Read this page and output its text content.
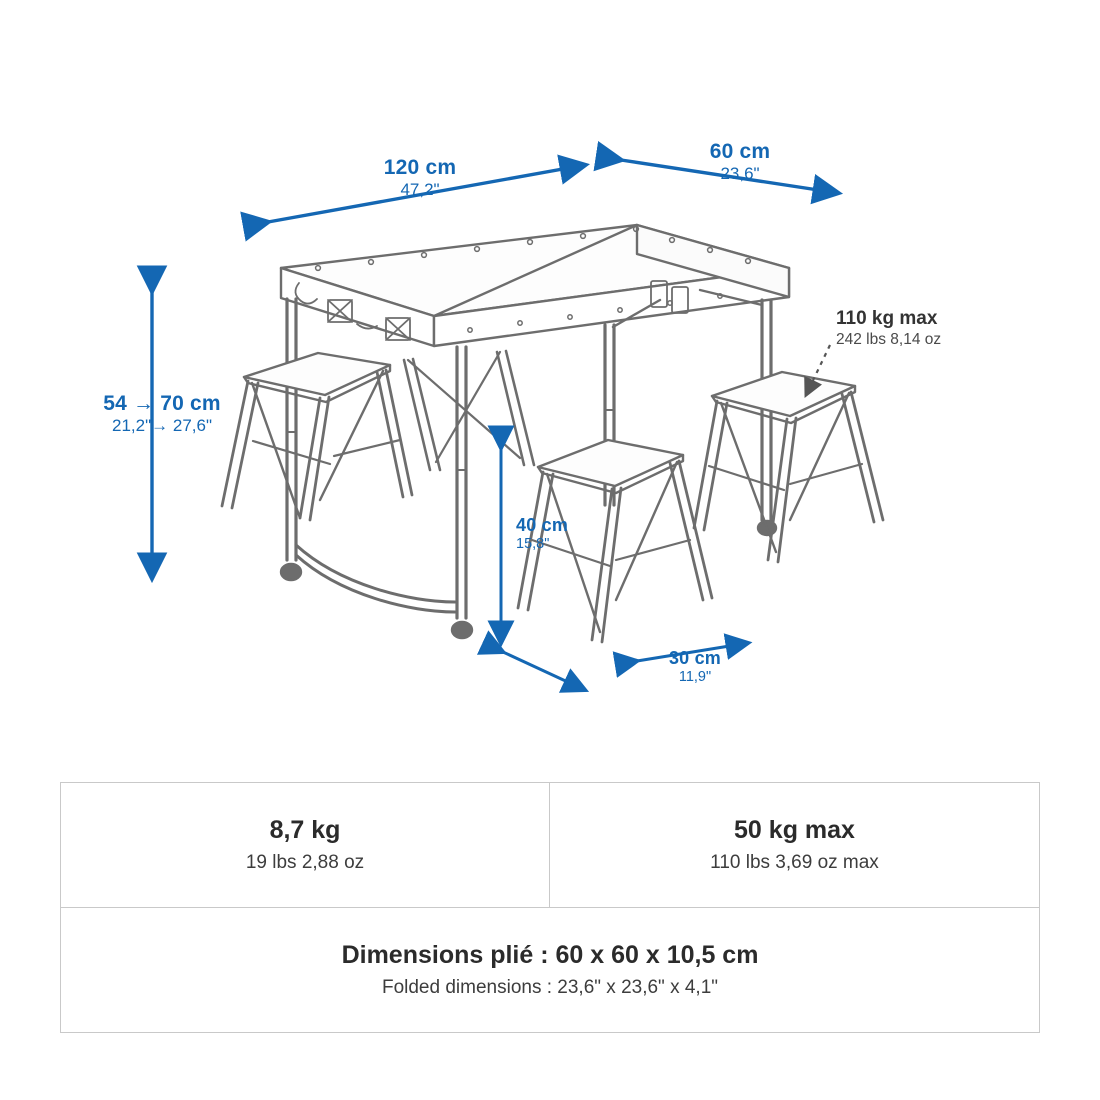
120 cm
47,2"
60 cm
23,6"
54 → 70 cm
21,2"→ 27,6"
40 cm
15,8"
30 cm
11,9"
110 kg max
242 lbs 8,14 oz
8,7 kg
19 lbs 2,88 oz
50 kg max
110 lbs 3,69 oz max
Dimensions plié : 60 x 60 x 10,5 cm
Folded dimensions : 23,6" x 23,6" x 4,1"
